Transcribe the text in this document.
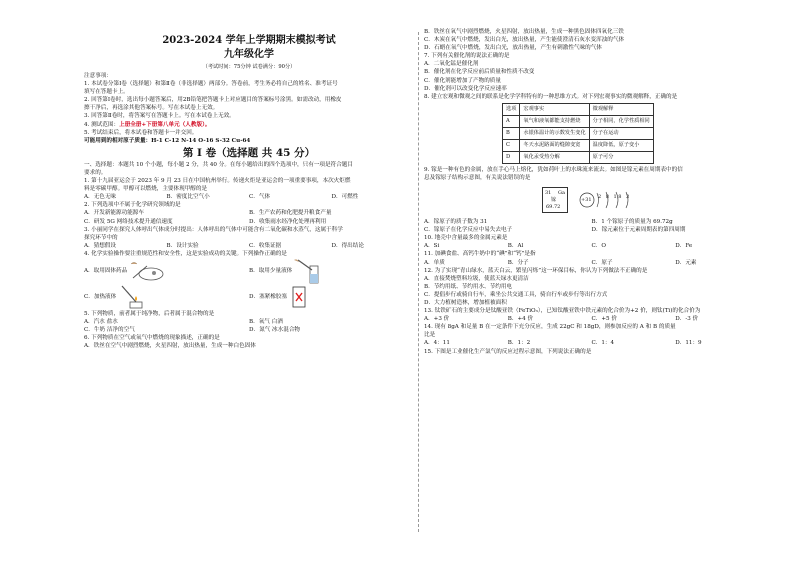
2023-2024 学年上学期期末模拟考试
九年级化学
（考试时间：75分钟 试卷满分：90分）
注意事项：
1. 本试卷分第Ⅰ卷（选择题）和第Ⅱ卷（非选择题）两部分。答卷前，考生务必将自己的姓名、准考证号
填写在答题卡上。
2. 回答第Ⅰ卷时，选出每小题答案后，用2B铅笔把答题卡上对应题目的答案标号涂黑。如需改动，用橡皮
擦干净后，再选涂其他答案标号。写在本试卷上无效。
3. 回答第Ⅱ卷时，将答案写在答题卡上。写在本试卷上无效。
4. 测试范围：上册全册+下册第八单元（人教版）。
5. 考试结束后，将本试卷和答题卡一并交回。
可能用到的相对原子质量：H-1 C-12 N-14 O-16 S-32 Cu-64
第 Ⅰ 卷（选择题 共 45 分）
一、选择题：本题共 10 个小题，每小题 2 分，共 40 分。在每小题给出的四个选项中，只有一项是符合题目
要求的。
1. 第十九届亚运会于 2023 年 9 月 23 日在中国杭州举行。传递火炬是亚运会的一项重要事项，本次火炬燃
料是零碳甲醇。甲醇可以燃烧，主要体现甲醇的是
A．无色无味	B．密度比空气小	C．气体	D．可燃性
2. 下列选项中不属于化学研究领域的是
A．开发新能源功能源车	B．生产农药和化肥提升粮食产量
C．研发 5G 网络技术提升通信速度	D．收集雨水经净化处理再利用
3. 小丽同学在探究人体呼出气体成分时提出：人体呼出的气体中可能含有二氧化碳和水蒸气，这属于科学
探究环节中的
A．猜想假设	B．设计实验	C．收集证据	D．得出结论
4. 化学实验操作要注重规范性和安全性，这是实验成功的关键。下列操作正确的是
A．取用固体药品	B．取用少量液体
C．加热液体	D．塞紧橡胶塞
5. 下列物质，前者属于纯净物，后者属于混合物的是
A．汽水 盐水	B．氧气 白酒
C．牛奶 洁净的空气	D．氮气 冰水混合物
6. 下列物质在空气或氧气中燃烧的现象描述，正确的是
A．铁丝在空气中剧烈燃烧，火星四射，放出热量，生成一种白色固体
B．铁丝在氧气中剧烈燃烧，火星四射，放出热量，生成一种黑色固体四氧化三铁
C．木炭在氧气中燃烧，发出白光，放出热量，产生能使澄清石灰水变浑浊的气体
D．石蜡在氧气中燃烧，发出白光，放出热量，产生有刺激性气味的气体
7. 下列有关催化剂的说法正确的是
A．二氧化锰是催化剂
B．催化剂在化学反应前后质量和性质不改变
C．催化剂能增加了产物的质量
D．催化剂可以改变化学反应速率
8. 建立宏观和微观之间的联系是化学学科特有的一种思维方式。对下列宏观事实的微观解释，正确的是
选项	宏观事实	微观解释
A	氧气和液氧都能支持燃烧	分子相同，化学性质相同
B	水银体温计的示数发生变化	分子在运动
C	冬天水泥路面的缝隙变宽	温度降低，原子变小
D	氧化汞受热分解	原子可分
9. 镓是一种有色的金属，放在手心马上熔化，犹如荷叶上的水珠流来流去。如图是镓元素在周期表中的信
息及镓原子结构示意图，有关说法错误的是
31 Ga
镓
69.72
+31 2 8 18 3
A．镓原子的质子数为 31	B．1 个镓原子的质量为 69.72g
C．镓原子在化学反应中易失去电子	D．镓元素位于元素周期表的第四周期
10. 地壳中含量最多的金属元素是
A．Si	B．Al	C．O	D．Fe
11. 加碘食盐、高钙牛奶中的“碘”和“钙”是指
A．单质	B．分子	C．原子	D．元素
12. 为了实现“青山绿水，蓝天白云，繁星闪烁”这一环保目标，你认为下列做法不正确的是
A．直接焚烧塑料垃圾，使蓝天绿水更清洁
B．节约用纸、节约用水、节约用电
C．提倡步行或骑自行车，乘坐公共交通工具，骑自行车或步行等出行方式
D．大力植树造林，增加植被面积
13. 钛铁矿石的主要成分是钛酸亚铁（FeTiO₃），已知钛酸亚铁中铁元素的化合价为+2 价，则钛(Ti)的化合价为
A．+3 价	B．+4 价	C．+5 价	D．-3 价
14. 现有 8gA 和足量 B 在一定条件下充分反应，生成 22gC 和 18gD，则参加反应的 A 和 B 的质量
比是
A．4：11	B．1：2	C．1：4	D．11：9
15. 下图是工业催化生产氯气的反应过程示意图，下列说法正确的是
